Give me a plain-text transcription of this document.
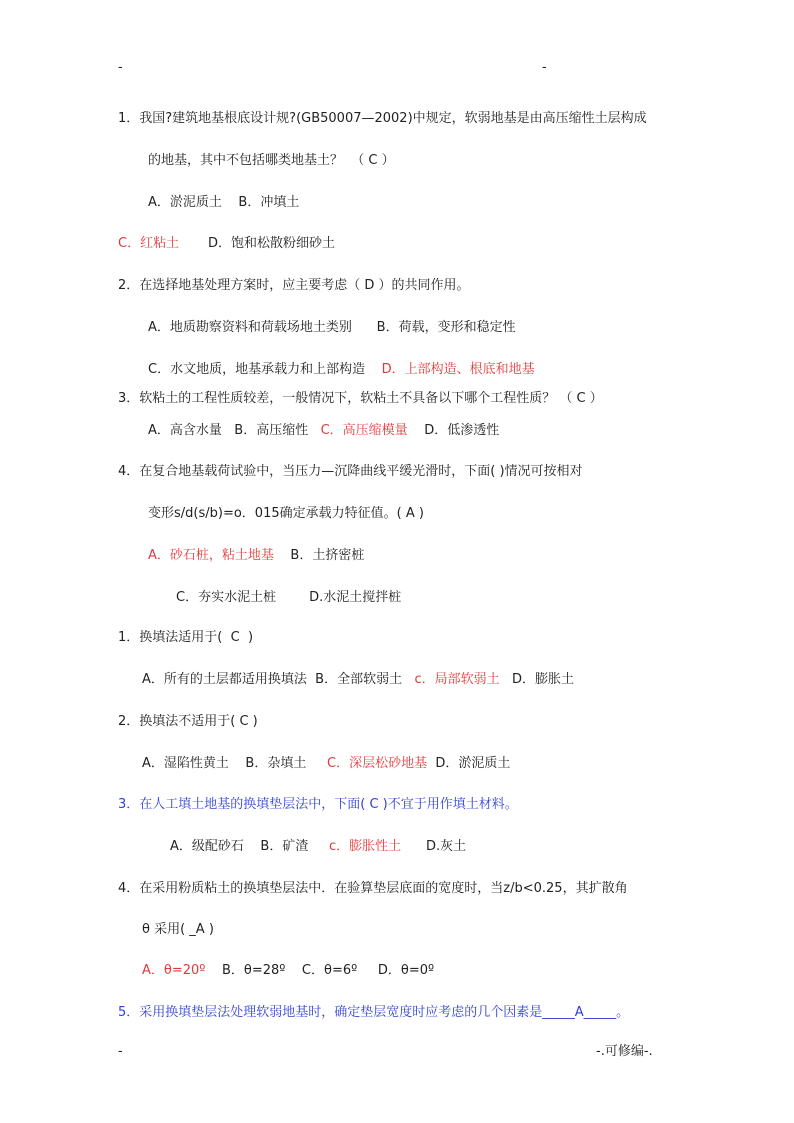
-	-
1．我国?建筑地基根底设计规?(GB50007—2002)中规定，软弱地基是由高压缩性土层构成
的地基，其中不包括哪类地基土？  （ C ）
A．淤泥质土    B．冲填土
C．红粘土       D．饱和松散粉细砂土
2．在选择地基处理方案时，应主要考虑（ D ）的共同作用。
A．地质勘察资料和荷载场地土类别      B．荷载，变形和稳定性
C．水文地质，地基承载力和上部构造    D．上部构造、根底和地基
3．软粘土的工程性质较差，一般情况下，软粘土不具备以下哪个工程性质？ （ C ）
A．高含水量   B．高压缩性   C．高压缩模量    D．低渗透性
4．在复合地基载荷试验中，当压力—沉降曲线平缓光滑时，下面( )情况可按相对
变形s/d(s/b)=o．015确定承载力特征值。( A )
A．砂石桩，粘土地基    B．土挤密桩
C．夯实水泥土桩        D.水泥土搅拌桩
1．换填法适用于(  C  )
A．所有的土层都适用换填法  B．全部软弱土   c．局部软弱土   D．膨胀土
2．换填法不适用于( C )
A．湿陷性黄土    B．杂填土     C．深层松砂地基  D．淤泥质土
3．在人工填土地基的换填垫层法中，下面( C )不宜于用作填土材料。
A．级配砂石    B．矿渣     c．膨胀性土      D.灰土
4．在采用粉质粘土的换填垫层法中．在验算垫层底面的宽度时，当z/b<0.25，其扩散角
θ 采用( _A )
A．θ=20º    B．θ=28º    C．θ=6º     D．θ=0º
5．采用换填垫层法处理软弱地基时，确定垫层宽度时应考虑的几个因素是_____A_____。
-	-.可修编-.
